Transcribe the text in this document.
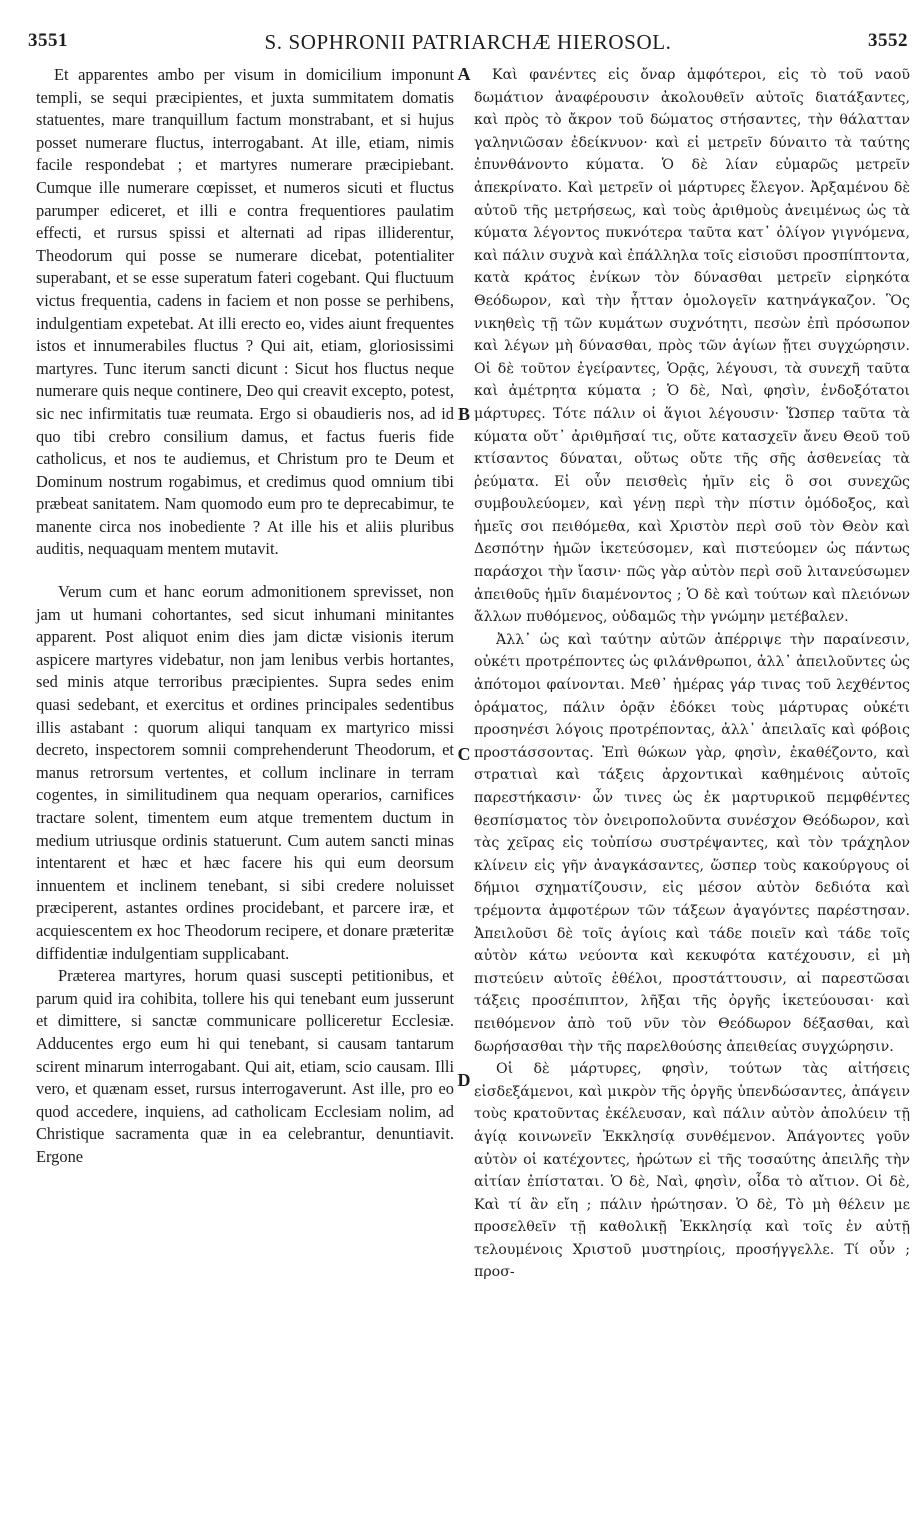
3551	S. SOPHRONII PATRIARCHÆ HIEROSOL.	3552

Et apparentes ambo per visum in domicilium imponunt templi, se sequi præcipientes, et juxta summitatem domatis statuentes, mare tranquillum factum monstrabant, et si hujus posset numerare fluctus, interrogabant. At ille, etiam, nimis facile respondebat ; et martyres numerare præcipiebant. Cumque ille numerare cœpisset, et numeros sicuti et fluctus parumper ediceret, et illi e contra frequentiores paulatim effecti, et rursus spissi et alternati ad ripas illiderentur, Theodorum qui posse se numerare dicebat, potentialiter superabant, et se esse superatum fateri cogebant. Qui fluctuum victus frequentia, cadens in faciem et non posse se perhibens, indulgentiam expetebat. At illi erecto eo, vides aiunt frequentes istos et innumerabiles fluctus ? Qui ait, etiam, gloriosissimi martyres. Tunc iterum sancti dicunt : Sicut hos fluctus neque numerare quis neque continere, Deo qui creavit excepto, potest, sic nec infirmitatis tuæ reumata. Ergo si obaudieris nos, ad id quo tibi crebro consilium damus, et factus fueris fide catholicus, et nos te audiemus, et Christum pro te Deum et Dominum nostrum rogabimus, et credimus quod omnium tibi præbeat sanitatem. Nam quomodo eum pro te deprecabimur, te manente circa nos inobediente ? At ille his et aliis pluribus auditis, nequaquam mentem mutavit.

Verum cum et hanc eorum admonitionem sprevisset, non jam ut humani cohortantes, sed sicut inhumani minitantes apparent. Post aliquot enim dies jam dictæ visionis iterum aspicere martyres videbatur, non jam lenibus verbis hortantes, sed minis atque terroribus præcipientes. Supra sedes enim quasi sedebant, et exercitus et ordines principales sedentibus illis astabant : quorum aliqui tanquam ex martyrico missi decreto, inspectorem somnii comprehenderunt Theodorum, et manus retrorsum vertentes, et collum inclinare in terram cogentes, in similitudinem qua nequam operarios, carnifices tractare solent, timentem eum atque trementem ductum in medium utriusque ordinis statuerunt. Cum autem sancti minas intentarent et hæc et hæc facere his qui eum deorsum innuentem et inclinem tenebant, si sibi credere noluisset præciperent, astantes ordines procidebant, et parcere iræ, et acquiescentem ex hoc Theodorum recipere, et donare præteritæ diffidentiæ indulgentiam supplicabant.

Præterea martyres, horum quasi suscepti petitionibus, et parum quid ira cohibita, tollere his qui tenebant eum jusserunt et dimittere, si sanctæ communicare polliceretur Ecclesiæ. Adducentes ergo eum hi qui tenebant, si causam tantarum scirent minarum interrogabant. Qui ait, etiam, scio causam. Illi vero, et quænam esset, rursus interrogaverunt. Ast ille, pro eo quod accedere, inquiens, ad catholicam Ecclesiam nolim, ad Christique sacramenta quæ in ea celebrantur, denuntiavit. Ergone

A
B
C
D

Καὶ φανέντες εἰς ὄναρ ἀμφότεροι, εἰς τὸ τοῦ ναοῦ δωμάτιον ἀναφέρουσιν ἀκολουθεῖν αὐτοῖς διατάξαντες, καὶ πρὸς τὸ ἄκρον τοῦ δώματος στήσαντες, τὴν θάλατταν γαληνιῶσαν ἐδείκνυον· καὶ εἰ μετρεῖν δύναιτο τὰ ταύτης ἐπυνθάνοντο κύματα. Ὁ δὲ λίαν εὐμαρῶς μετρεῖν ἀπεκρίνατο. Καὶ μετρεῖν οἱ μάρτυρες ἔλεγον. Ἀρξαμένου δὲ αὐτοῦ τῆς μετρήσεως, καὶ τοὺς ἀριθμοὺς ἀνειμένως ὡς τὰ κύματα λέγοντος πυκνότερα ταῦτα κατ᾽ ὀλίγον γιγνόμενα, καὶ πάλιν συχνὰ καὶ ἐπάλληλα τοῖς εἰσιοῦσι προσπίπτοντα, κατὰ κράτος ἐνίκων τὸν δύνασθαι μετρεῖν εἰρηκότα Θεόδωρον, καὶ τὴν ἧτταν ὁμολογεῖν κατηνάγκαζον. Ὃς νικηθεὶς τῇ τῶν κυμάτων συχνότητι, πεσὼν ἐπὶ πρόσωπον καὶ λέγων μὴ δύνασθαι, πρὸς τῶν ἁγίων ᾔτει συγχώρησιν. Οἱ δὲ τοῦτον ἐγείραντες, Ὁρᾷς, λέγουσι, τὰ συνεχῆ ταῦτα καὶ ἀμέτρητα κύματα ; Ὁ δὲ, Ναὶ, φησὶν, ἐνδοξότατοι μάρτυρες. Τότε πάλιν οἱ ἅγιοι λέγουσιν· Ὥσπερ ταῦτα τὰ κύματα οὔτ᾽ ἀριθμῆσαί τις, οὔτε κατασχεῖν ἄνευ Θεοῦ τοῦ κτίσαντος δύναται, οὕτως οὔτε τῆς σῆς ἀσθενείας τὰ ῥεύματα. Εἰ οὖν πεισθεὶς ἡμῖν εἰς ὃ σοι συνεχῶς συμβουλεύομεν, καὶ γένῃ περὶ τὴν πίστιν ὁμόδοξος, καὶ ἡμεῖς σοι πειθόμεθα, καὶ Χριστὸν περὶ σοῦ τὸν Θεὸν καὶ Δεσπότην ἡμῶν ἱκετεύσομεν, καὶ πιστεύομεν ὡς πάντως παράσχοι τὴν ἴασιν· πῶς γὰρ αὐτὸν περὶ σοῦ λιτανεύσωμεν ἀπειθοῦς ἡμῖν διαμένοντος ; Ὁ δὲ καὶ τούτων καὶ πλειόνων ἄλλων πυθόμενος, οὐδαμῶς τὴν γνώμην μετέβαλεν.

Ἀλλ᾽ ὡς καὶ ταύτην αὐτῶν ἀπέρριψε τὴν παραίνεσιν, οὐκέτι προτρέποντες ὡς φιλάνθρωποι, ἀλλ᾽ ἀπειλοῦντες ὡς ἀπότομοι φαίνονται. Μεθ᾽ ἡμέρας γάρ τινας τοῦ λεχθέντος ὁράματος, πάλιν ὁρᾷν ἐδόκει τοὺς μάρτυρας οὐκέτι προσηνέσι λόγοις προτρέποντας, ἀλλ᾽ ἀπειλαῖς καὶ φόβοις προστάσσοντας. Ἐπὶ θώκων γὰρ, φησὶν, ἐκαθέζοντο, καὶ στρατιαὶ καὶ τάξεις ἀρχοντικαὶ καθημένοις αὐτοῖς παρεστήκασιν· ὧν τινες ὡς ἐκ μαρτυρικοῦ πεμφθέντες θεσπίσματος τὸν ὀνειροπολοῦντα συνέσχον Θεόδωρον, καὶ τὰς χεῖρας εἰς τοὐπίσω συστρέψαντες, καὶ τὸν τράχηλον κλίνειν εἰς γῆν ἀναγκάσαντες, ὥσπερ τοὺς κακούργους οἱ δήμιοι σχηματίζουσιν, εἰς μέσον αὐτὸν δεδιότα καὶ τρέμοντα ἀμφοτέρων τῶν τάξεων ἀγαγόντες παρέστησαν. Ἀπειλοῦσι δὲ τοῖς ἁγίοις καὶ τάδε ποιεῖν καὶ τάδε τοῖς αὐτὸν κάτω νεύοντα καὶ κεκυφότα κατέχουσιν, εἰ μὴ πιστεύειν αὐτοῖς ἐθέλοι, προστάττουσιν, αἱ παρεστῶσαι τάξεις προσέπιπτον, λῆξαι τῆς ὀργῆς ἱκετεύουσαι· καὶ πειθόμενον ἀπὸ τοῦ νῦν τὸν Θεόδωρον δέξασθαι, καὶ δωρήσασθαι τὴν τῆς παρελθούσης ἀπειθείας συγχώρησιν.

Οἱ δὲ μάρτυρες, φησὶν, τούτων τὰς αἰτήσεις εἰσδεξάμενοι, καὶ μικρὸν τῆς ὀργῆς ὑπενδώσαντες, ἀπάγειν τοὺς κρατοῦντας ἐκέλευσαν, καὶ πάλιν αὐτὸν ἀπολύειν τῇ ἁγίᾳ κοινωνεῖν Ἐκκλησίᾳ συνθέμενον. Ἀπάγοντες γοῦν αὐτὸν οἱ κατέχοντες, ἠρώτων εἰ τῆς τοσαύτης ἀπειλῆς τὴν αἰτίαν ἐπίσταται. Ὁ δὲ, Ναὶ, φησὶν, οἶδα τὸ αἴτιον. Οἱ δὲ, Καὶ τί ἂν εἴη ; πάλιν ἠρώτησαν. Ὁ δὲ, Τὸ μὴ θέλειν με προσελθεῖν τῇ καθολικῇ Ἐκκλησίᾳ καὶ τοῖς ἐν αὐτῇ τελουμένοις Χριστοῦ μυστηρίοις, προσήγγελλε. Τί οὖν ; προσ-
